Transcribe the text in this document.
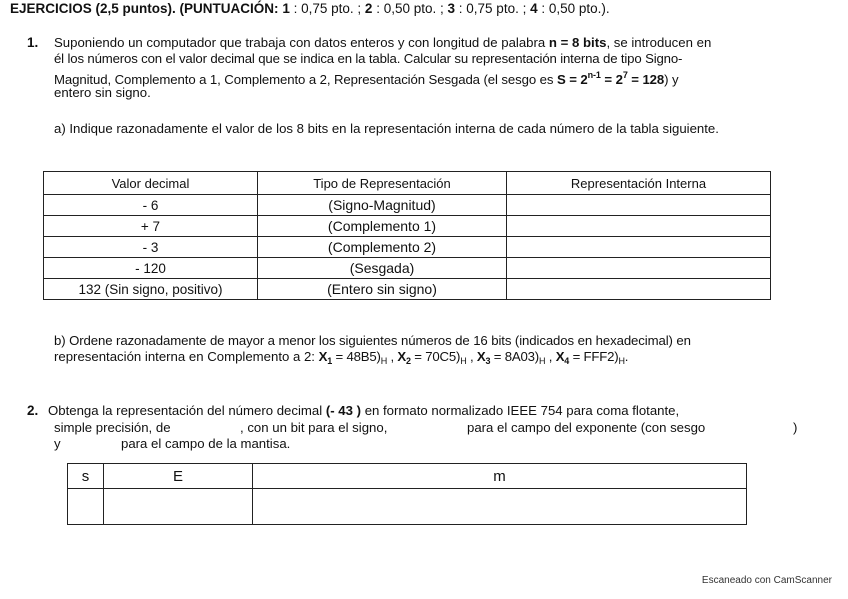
EJERCICIOS (2,5 puntos). (PUNTUACIÓN: 1 : 0,75 pto. ; 2 : 0,50 pto. ; 3 : 0,75 pto. ; 4 : 0,50 pto.).
1. Suponiendo un computador que trabaja con datos enteros y con longitud de palabra n = 8 bits, se introducen en
él los números con el valor decimal que se indica en la tabla. Calcular su representación interna de tipo Signo-
Magnitud, Complemento a 1, Complemento a 2, Representación Sesgada (el sesgo es $S = 2^{n-1} = 2^7 = 128$) y
entero sin signo.
a) Indique razonadamente el valor de los 8 bits en la representación interna de cada número de la tabla siguiente.
Valor decimal	Tipo de Representación	Representación Interna
- 6	(Signo-Magnitud)	
+ 7	(Complemento 1)	
- 3	(Complemento 2)	
- 120	(Sesgada)	
132 (Sin signo, positivo)	(Entero sin signo)	
b) Ordene razonadamente de mayor a menor los siguientes números de 16 bits (indicados en hexadecimal) en
representación interna en Complemento a 2: $X_1 = 48B5)_H$ , $X_2 = 70C5)_H$ , $X_3 = 8A03)_H$ , $X_4 = FFF2)_H$.
2. Obtenga la representación del número decimal (- 43 ) en formato normalizado IEEE 754 para coma flotante,
simple precisión, de	, con un bit para el signo,	para el campo del exponente (con sesgo	)
y	para el campo de la mantisa.
s	E	m

Escaneado con CamScanner
